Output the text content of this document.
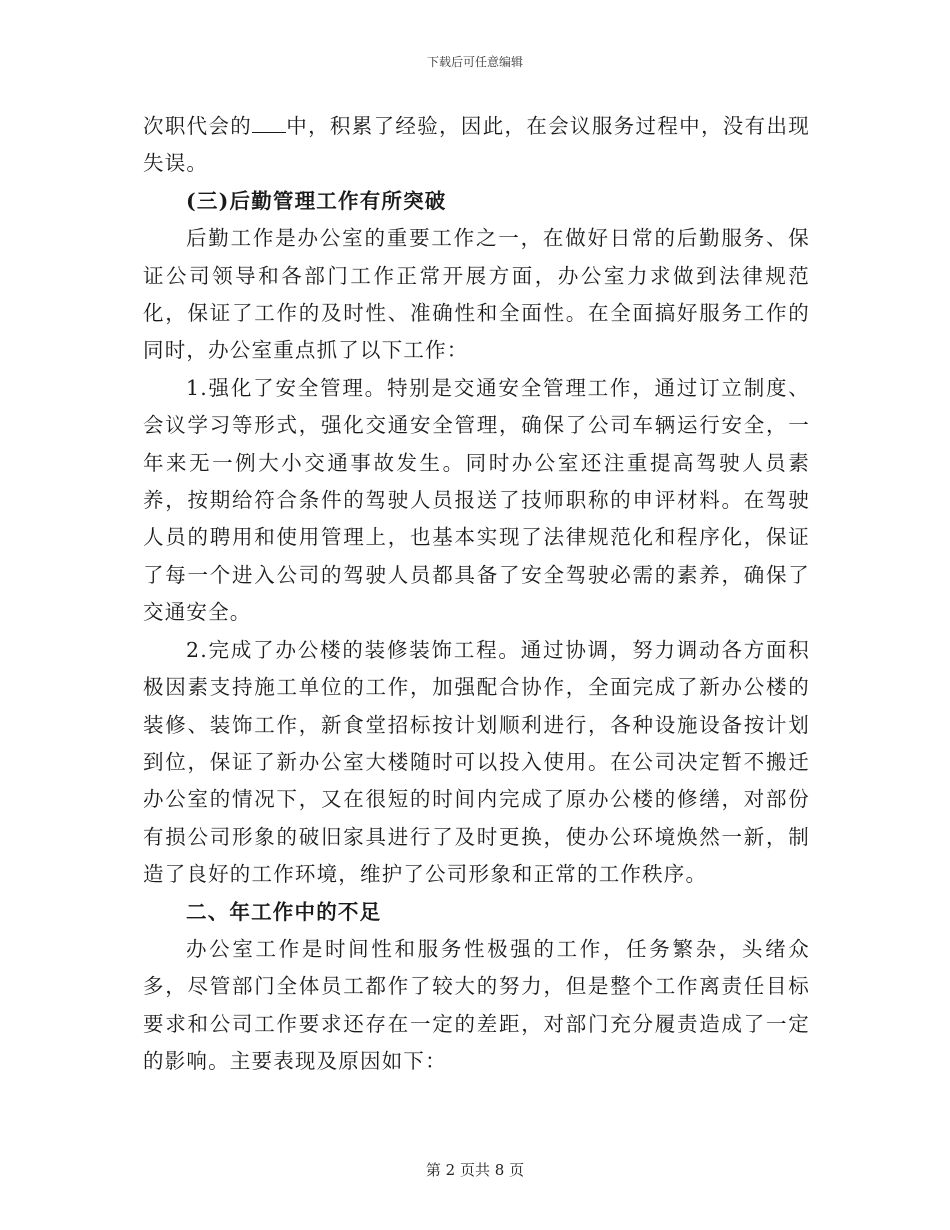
下载后可任意编辑

次职代会的 中，积累了经验，因此，在会议服务过程中，没有出现失误。

(三)后勤管理工作有所突破

后勤工作是办公室的重要工作之一，在做好日常的后勤服务、保证公司领导和各部门工作正常开展方面，办公室力求做到法律规范化，保证了工作的及时性、准确性和全面性。在全面搞好服务工作的同时，办公室重点抓了以下工作：

1.强化了安全管理。特别是交通安全管理工作，通过订立制度、会议学习等形式，强化交通安全管理，确保了公司车辆运行安全，一年来无一例大小交通事故发生。同时办公室还注重提高驾驶人员素养，按期给符合条件的驾驶人员报送了技师职称的申评材料。在驾驶人员的聘用和使用管理上，也基本实现了法律规范化和程序化，保证了每一个进入公司的驾驶人员都具备了安全驾驶必需的素养，确保了交通安全。

2.完成了办公楼的装修装饰工程。通过协调，努力调动各方面积极因素支持施工单位的工作，加强配合协作，全面完成了新办公楼的装修、装饰工作，新食堂招标按计划顺利进行，各种设施设备按计划到位，保证了新办公室大楼随时可以投入使用。在公司决定暂不搬迁办公室的情况下，又在很短的时间内完成了原办公楼的修缮，对部份有损公司形象的破旧家具进行了及时更换，使办公环境焕然一新，制造了良好的工作环境，维护了公司形象和正常的工作秩序。

二、年工作中的不足

办公室工作是时间性和服务性极强的工作，任务繁杂，头绪众多，尽管部门全体员工都作了较大的努力，但是整个工作离责任目标要求和公司工作要求还存在一定的差距，对部门充分履责造成了一定的影响。主要表现及原因如下：

第 2 页共 8 页
